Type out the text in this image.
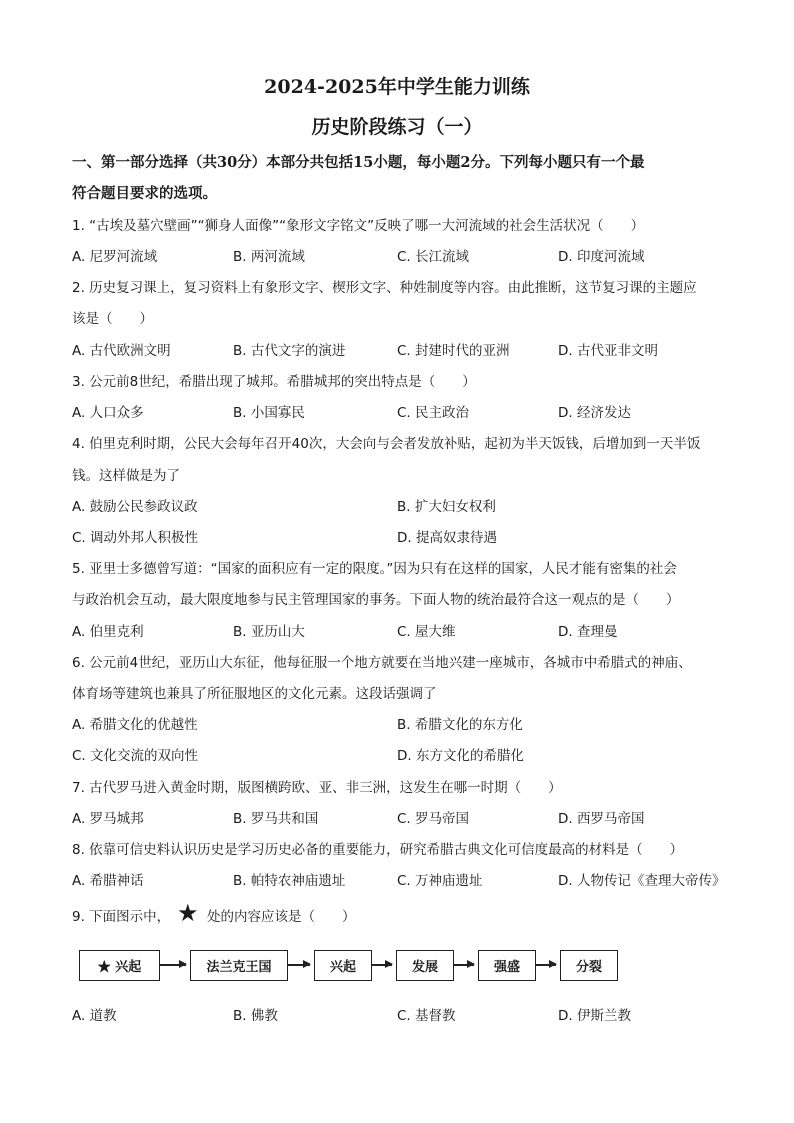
2024-2025年中学生能力训练
历史阶段练习（一）
一、第一部分选择（共30分）本部分共包括15小题，每小题2分。下列每小题只有一个最
符合题目要求的选项。
1. “古埃及墓穴壁画”“狮身人面像”“象形文字铭文”反映了哪一大河流域的社会生活状况（　　）
A. 尼罗河流域	B. 两河流域	C. 长江流域	D. 印度河流域
2. 历史复习课上，复习资料上有象形文字、楔形文字、种姓制度等内容。由此推断，这节复习课的主题应
该是（　　）
A. 古代欧洲文明	B. 古代文字的演进	C. 封建时代的亚洲	D. 古代亚非文明
3. 公元前8世纪，希腊出现了城邦。希腊城邦的突出特点是（　　）
A. 人口众多	B. 小国寡民	C. 民主政治	D. 经济发达
4. 伯里克利时期，公民大会每年召开40次，大会向与会者发放补贴，起初为半天饭钱，后增加到一天半饭
钱。这样做是为了
A. 鼓励公民参政议政	B. 扩大妇女权利
C. 调动外邦人积极性	D. 提高奴隶待遇
5. 亚里士多德曾写道：“国家的面积应有一定的限度。”因为只有在这样的国家，人民才能有密集的社会
与政治机会互动，最大限度地参与民主管理国家的事务。下面人物的统治最符合这一观点的是（　　）
A. 伯里克利	B. 亚历山大	C. 屋大维	D. 查理曼
6. 公元前4世纪，亚历山大东征，他每征服一个地方就要在当地兴建一座城市，各城市中希腊式的神庙、
体育场等建筑也兼具了所征服地区的文化元素。这段话强调了
A. 希腊文化的优越性	B. 希腊文化的东方化
C. 文化交流的双向性	D. 东方文化的希腊化
7. 古代罗马进入黄金时期，版图横跨欧、亚、非三洲，这发生在哪一时期（　　）
A. 罗马城邦	B. 罗马共和国	C. 罗马帝国	D. 西罗马帝国
8. 依靠可信史料认识历史是学习历史必备的重要能力，研究希腊古典文化可信度最高的材料是（　　）
A. 希腊神话	B. 帕特农神庙遗址	C. 万神庙遗址	D. 人物传记《查理大帝传》
9. 下面图示中， ★ 处的内容应该是（　　）
★ 兴起	法兰克王国	兴起	发展	强盛	分裂
A. 道教	B. 佛教	C. 基督教	D. 伊斯兰教
